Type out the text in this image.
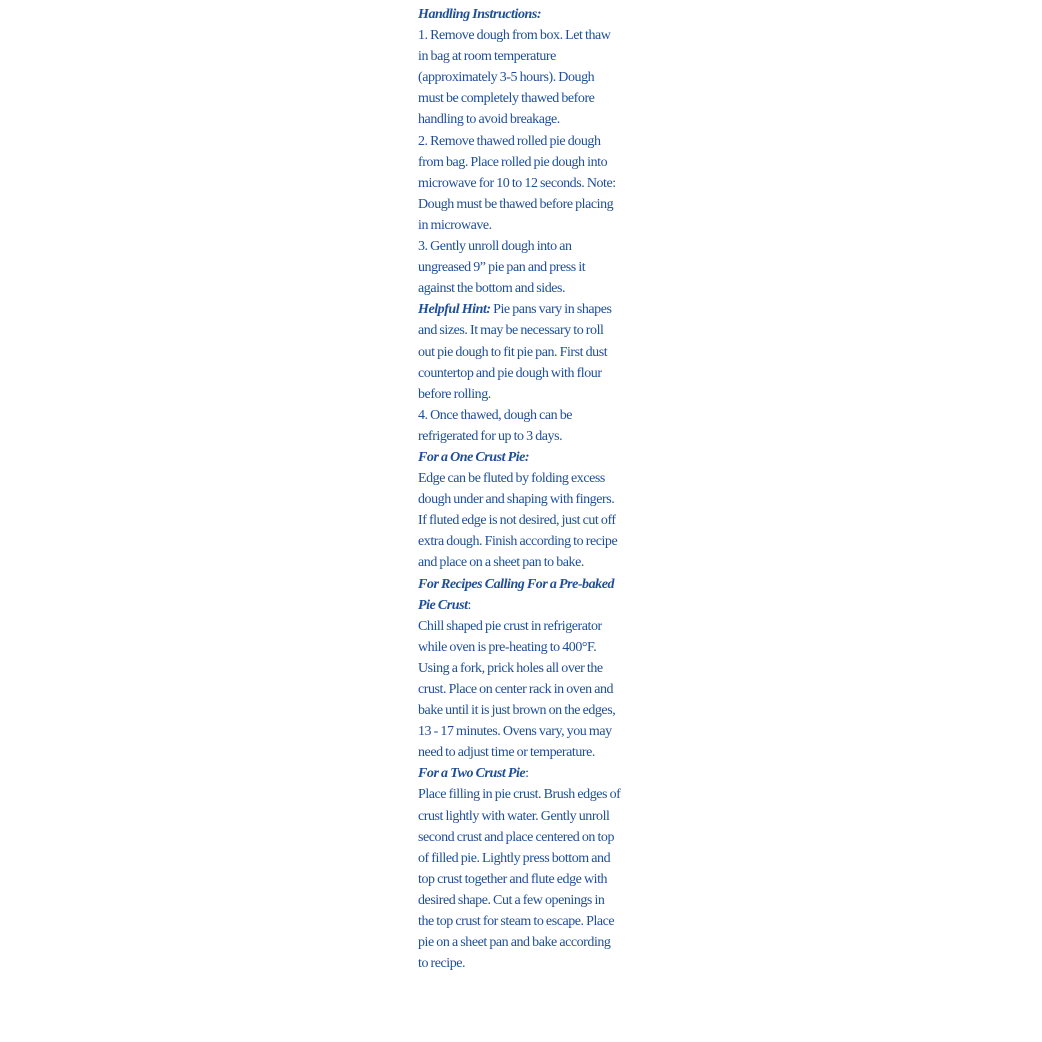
Handling Instructions:

1. Remove dough from box. Let thaw in bag at room temperature (approximately 3-5 hours). Dough must be completely thawed before handling to avoid breakage.

2. Remove thawed rolled pie dough from bag. Place rolled pie dough into microwave for 10 to 12 seconds. Note: Dough must be thawed before placing in microwave.

3. Gently unroll dough into an ungreased 9” pie pan and press it against the bottom and sides.

Helpful Hint: Pie pans vary in shapes and sizes. It may be necessary to roll out pie dough to fit pie pan. First dust countertop and pie dough with flour before rolling.

4. Once thawed, dough can be refrigerated for up to 3 days.

For a One Crust Pie:

Edge can be fluted by folding excess dough under and shaping with fingers. If fluted edge is not desired, just cut off extra dough. Finish according to recipe and place on a sheet pan to bake.

For Recipes Calling For a Pre-baked Pie Crust:

Chill shaped pie crust in refrigerator while oven is pre-heating to 400°F. Using a fork, prick holes all over the crust. Place on center rack in oven and bake until it is just brown on the edges, 13 - 17 minutes. Ovens vary, you may need to adjust time or temperature.

For a Two Crust Pie:

Place filling in pie crust. Brush edges of crust lightly with water. Gently unroll second crust and place centered on top of filled pie. Lightly press bottom and top crust together and flute edge with desired shape. Cut a few openings in the top crust for steam to escape. Place pie on a sheet pan and bake according to recipe.
